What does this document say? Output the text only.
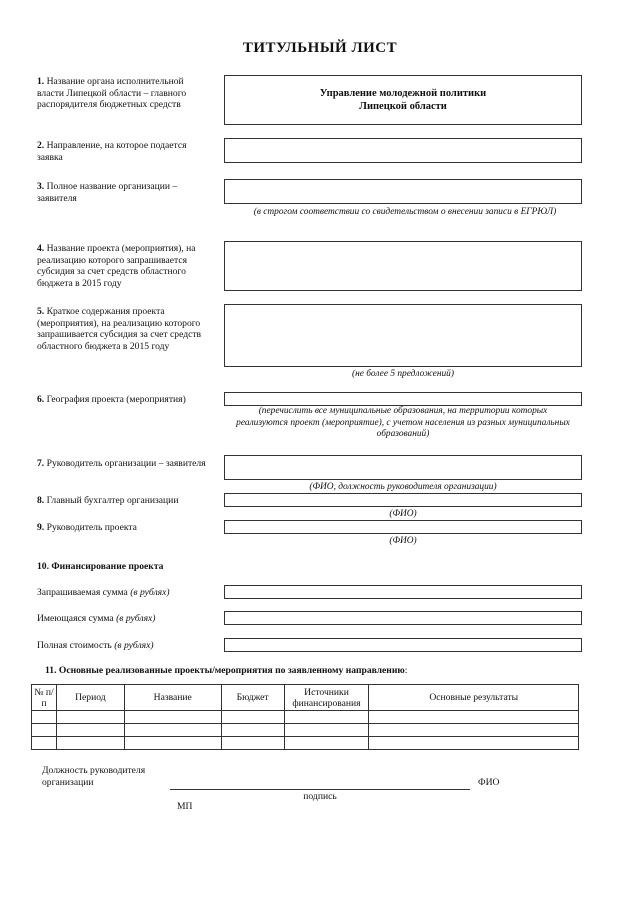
ТИТУЛЬНЫЙ ЛИСТ
1. Название органа исполнительной власти Липецкой области – главного распорядителя бюджетных средств
Управление молодежной политики
Липецкой области
2. Направление, на которое подается заявка
3. Полное название организации – заявителя
(в строгом соответствии со свидетельством о внесении записи в ЕГРЮЛ)
4. Название проекта (мероприятия), на реализацию которого запрашивается субсидия за счет средств областного бюджета в 2015 году
5. Краткое содержания проекта (мероприятия), на реализацию которого запрашивается субсидия за счет средств областного бюджета в 2015 году
(не более 5 предложений)
6. География проекта (мероприятия)
(перечислить все муниципальные образования, на территории которых реализуются проект (мероприятие), с учетом населения из разных муниципальных образований)
7. Руководитель организации – заявителя
(ФИО, должность руководителя организации)
8. Главный бухгалтер организации
(ФИО)
9. Руководитель проекта
(ФИО)
10. Финансирование проекта
Запрашиваемая сумма (в рублях)
Имеющаяся сумма (в рублях)
Полная стоимость (в рублях)
11. Основные реализованные проекты/мероприятия по заявленному направлению:
№ п/п	Период	Название	Бюджет	Источники финансирования	Основные результаты

Должность руководителя организации	ФИО
подпись
МП
